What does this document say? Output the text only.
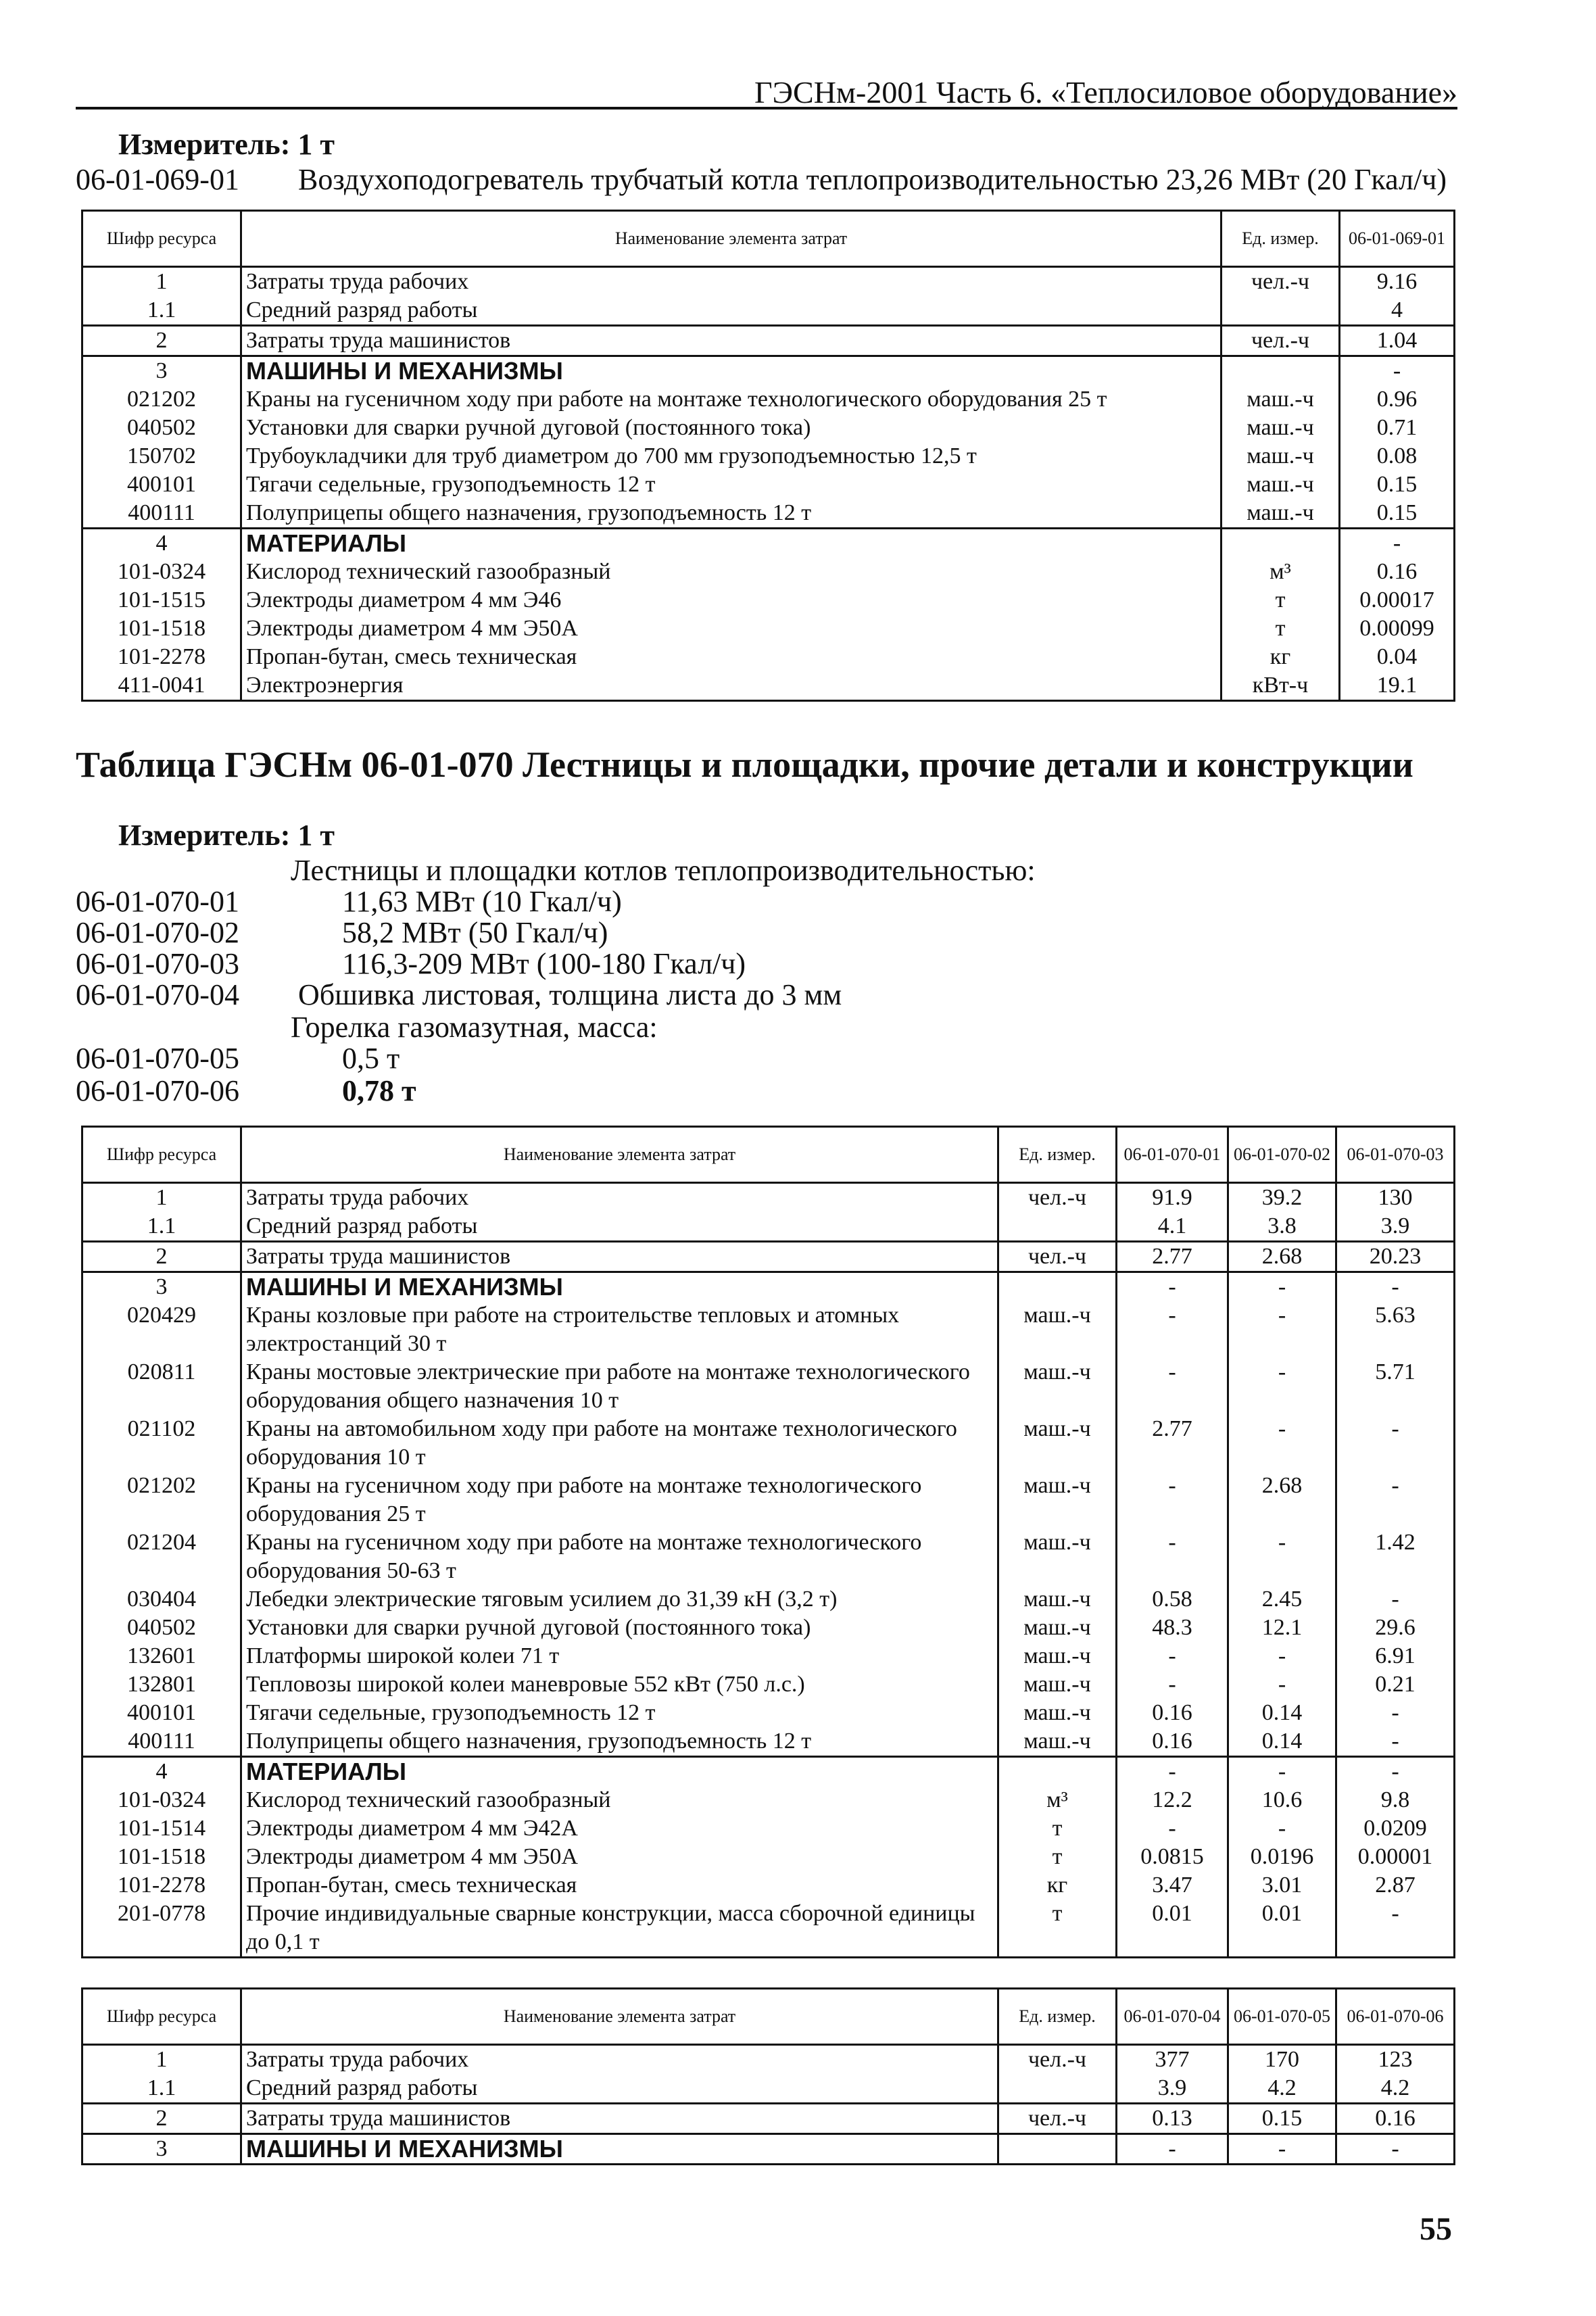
ГЭСНм-2001 Часть 6. «Теплосиловое оборудование»
Измеритель: 1 т
06-01-069-01 Воздухоподогреватель трубчатый котла теплопроизводительностью 23,26 МВт (20 Гкал/ч)
Шифр ресурса	Наименование элемента затрат	Ед. измер.	06-01-069-01
1	Затраты труда рабочих	чел.-ч	9.16
1.1	Средний разряд работы		4
2	Затраты труда машинистов	чел.-ч	1.04
3	МАШИНЫ И МЕХАНИЗМЫ		-
021202	Краны на гусеничном ходу при работе на монтаже технологического оборудования 25 т	маш.-ч	0.96
040502	Установки для сварки ручной дуговой (постоянного тока)	маш.-ч	0.71
150702	Трубоукладчики для труб диаметром до 700 мм грузоподъемностью 12,5 т	маш.-ч	0.08
400101	Тягачи седельные, грузоподъемность 12 т	маш.-ч	0.15
400111	Полуприцепы общего назначения, грузоподъемность 12 т	маш.-ч	0.15
4	МАТЕРИАЛЫ		-
101-0324	Кислород технический газообразный	м³	0.16
101-1515	Электроды диаметром 4 мм Э46	т	0.00017
101-1518	Электроды диаметром 4 мм Э50А	т	0.00099
101-2278	Пропан-бутан, смесь техническая	кг	0.04
411-0041	Электроэнергия	кВт-ч	19.1
Таблица ГЭСНм 06-01-070 Лестницы и площадки, прочие детали и конструкции
Измеритель: 1 т
Лестницы и площадки котлов теплопроизводительностью:
06-01-070-01	11,63 МВт (10 Гкал/ч)
06-01-070-02	58,2 МВт (50 Гкал/ч)
06-01-070-03	116,3-209 МВт (100-180 Гкал/ч)
06-01-070-04 Обшивка листовая, толщина листа до 3 мм
Горелка газомазутная, масса:
06-01-070-05	0,5 т
06-01-070-06	0,78 т
Шифр ресурса	Наименование элемента затрат	Ед. измер.	06-01-070-01	06-01-070-02	06-01-070-03
1	Затраты труда рабочих	чел.-ч	91.9	39.2	130
1.1	Средний разряд работы		4.1	3.8	3.9
2	Затраты труда машинистов	чел.-ч	2.77	2.68	20.23
3	МАШИНЫ И МЕХАНИЗМЫ		-	-	-
020429	Краны козловые при работе на строительстве тепловых и атомных электростанций 30 т	маш.-ч	-	-	5.63
020811	Краны мостовые электрические при работе на монтаже технологического оборудования общего назначения 10 т	маш.-ч	-	-	5.71
021102	Краны на автомобильном ходу при работе на монтаже технологического оборудования 10 т	маш.-ч	2.77	-	-
021202	Краны на гусеничном ходу при работе на монтаже технологического оборудования 25 т	маш.-ч	-	2.68	-
021204	Краны на гусеничном ходу при работе на монтаже технологического оборудования 50-63 т	маш.-ч	-	-	1.42
030404	Лебедки электрические тяговым усилием до 31,39 кН (3,2 т)	маш.-ч	0.58	2.45	-
040502	Установки для сварки ручной дуговой (постоянного тока)	маш.-ч	48.3	12.1	29.6
132601	Платформы широкой колеи 71 т	маш.-ч	-	-	6.91
132801	Тепловозы широкой колеи маневровые 552 кВт (750 л.с.)	маш.-ч	-	-	0.21
400101	Тягачи седельные, грузоподъемность 12 т	маш.-ч	0.16	0.14	-
400111	Полуприцепы общего назначения, грузоподъемность 12 т	маш.-ч	0.16	0.14	-
4	МАТЕРИАЛЫ		-	-	-
101-0324	Кислород технический газообразный	м³	12.2	10.6	9.8
101-1514	Электроды диаметром 4 мм Э42А	т	-	-	0.0209
101-1518	Электроды диаметром 4 мм Э50А	т	0.0815	0.0196	0.00001
101-2278	Пропан-бутан, смесь техническая	кг	3.47	3.01	2.87
201-0778	Прочие индивидуальные сварные конструкции, масса сборочной единицы до 0,1 т	т	0.01	0.01	-
Шифр ресурса	Наименование элемента затрат	Ед. измер.	06-01-070-04	06-01-070-05	06-01-070-06
1	Затраты труда рабочих	чел.-ч	377	170	123
1.1	Средний разряд работы		3.9	4.2	4.2
2	Затраты труда машинистов	чел.-ч	0.13	0.15	0.16
3	МАШИНЫ И МЕХАНИЗМЫ		-	-	-
55
